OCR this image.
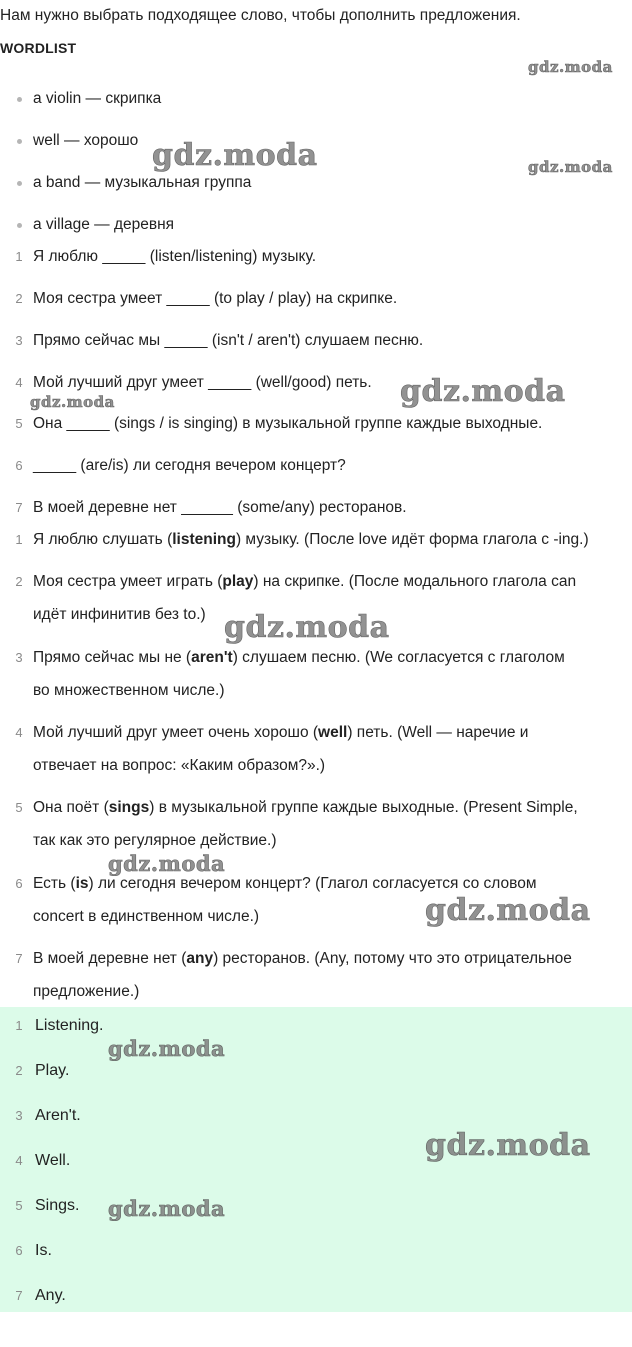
Нам нужно выбрать подходящее слово, чтобы дополнить предложения.
WORDLIST
a violin — скрипка
well — хорошо
a band — музыкальная группа
a village — деревня
1 Я люблю _____ (listen/listening) музыку.
2 Моя сестра умеет _____ (to play / play) на скрипке.
3 Прямо сейчас мы _____ (isn't / aren't) слушаем песню.
4 Мой лучший друг умеет _____ (well/good) петь.
5 Она _____ (sings / is singing) в музыкальной группе каждые выходные.
6 _____ (are/is) ли сегодня вечером концерт?
7 В моей деревне нет ______ (some/any) ресторанов.
1 Я люблю слушать (listening) музыку. (После love идёт форма глагола с -ing.)
2 Моя сестра умеет играть (play) на скрипке. (После модального глагола can
идёт инфинитив без to.)
3 Прямо сейчас мы не (aren't) слушаем песню. (We согласуется с глаголом
во множественном числе.)
4 Мой лучший друг умеет очень хорошо (well) петь. (Well — наречие и
отвечает на вопрос: «Каким образом?».)
5 Она поёт (sings) в музыкальной группе каждые выходные. (Present Simple,
так как это регулярное действие.)
6 Есть (is) ли сегодня вечером концерт? (Глагол согласуется со словом
concert в единственном числе.)
7 В моей деревне нет (any) ресторанов. (Any, потому что это отрицательное
предложение.)
1 Listening.
2 Play.
3 Aren't.
4 Well.
5 Sings.
6 Is.
7 Any.
gdz.moda
gdz.moda	gdz.moda
gdz.moda
gdz.moda
gdz.moda
gdz.moda
gdz.moda
gdz.moda
gdz.moda
gdz.moda
